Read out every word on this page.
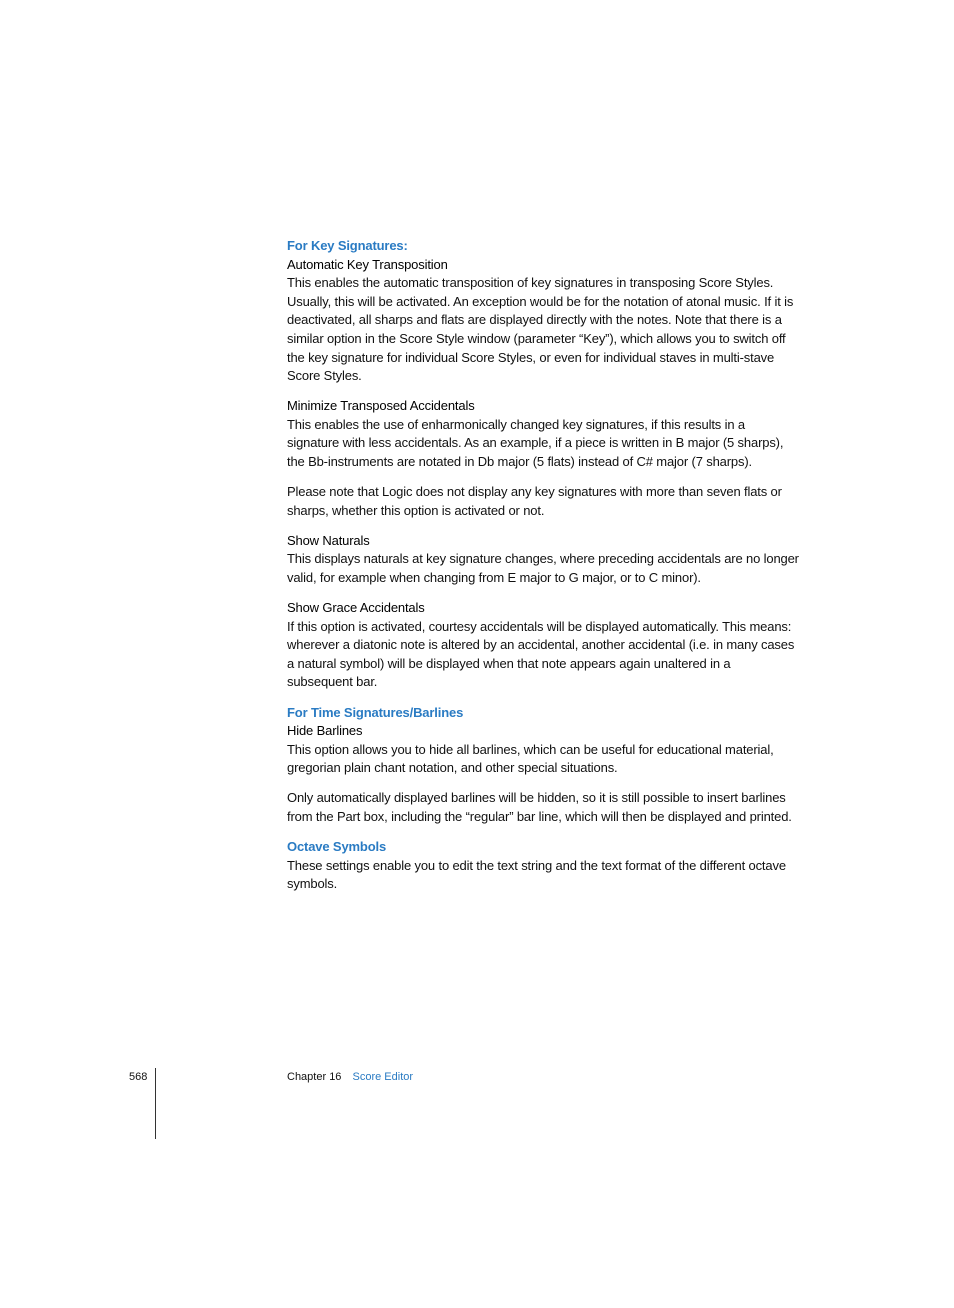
For Key Signatures:
Automatic Key Transposition

This enables the automatic transposition of key signatures in transposing Score Styles. Usually, this will be activated. An exception would be for the notation of atonal music. If it is deactivated, all sharps and flats are displayed directly with the notes. Note that there is a similar option in the Score Style window (parameter “Key”), which allows you to switch off the key signature for individual Score Styles, or even for individual staves in multi-stave Score Styles.

Minimize Transposed Accidentals

This enables the use of enharmonically changed key signatures, if this results in a signature with less accidentals. As an example, if a piece is written in B major (5 sharps), the Bb-instruments are notated in Db major (5 flats) instead of C# major (7 sharps).

Please note that Logic does not display any key signatures with more than seven flats or sharps, whether this option is activated or not.

Show Naturals

This displays naturals at key signature changes, where preceding accidentals are no longer valid, for example when changing from E major to G major, or to C minor).

Show Grace Accidentals

If this option is activated, courtesy accidentals will be displayed automatically. This means: wherever a diatonic note is altered by an accidental, another accidental (i.e. in many cases a natural symbol) will be displayed when that note appears again unaltered in a subsequent bar.

For Time Signatures/Barlines
Hide Barlines

This option allows you to hide all barlines, which can be useful for educational material, gregorian plain chant notation, and other special situations.

Only automatically displayed barlines will be hidden, so it is still possible to insert barlines from the Part box, including the “regular” bar line, which will then be displayed and printed.

Octave Symbols

These settings enable you to edit the text string and the text format of the different octave symbols.

568	Chapter 16 Score Editor
